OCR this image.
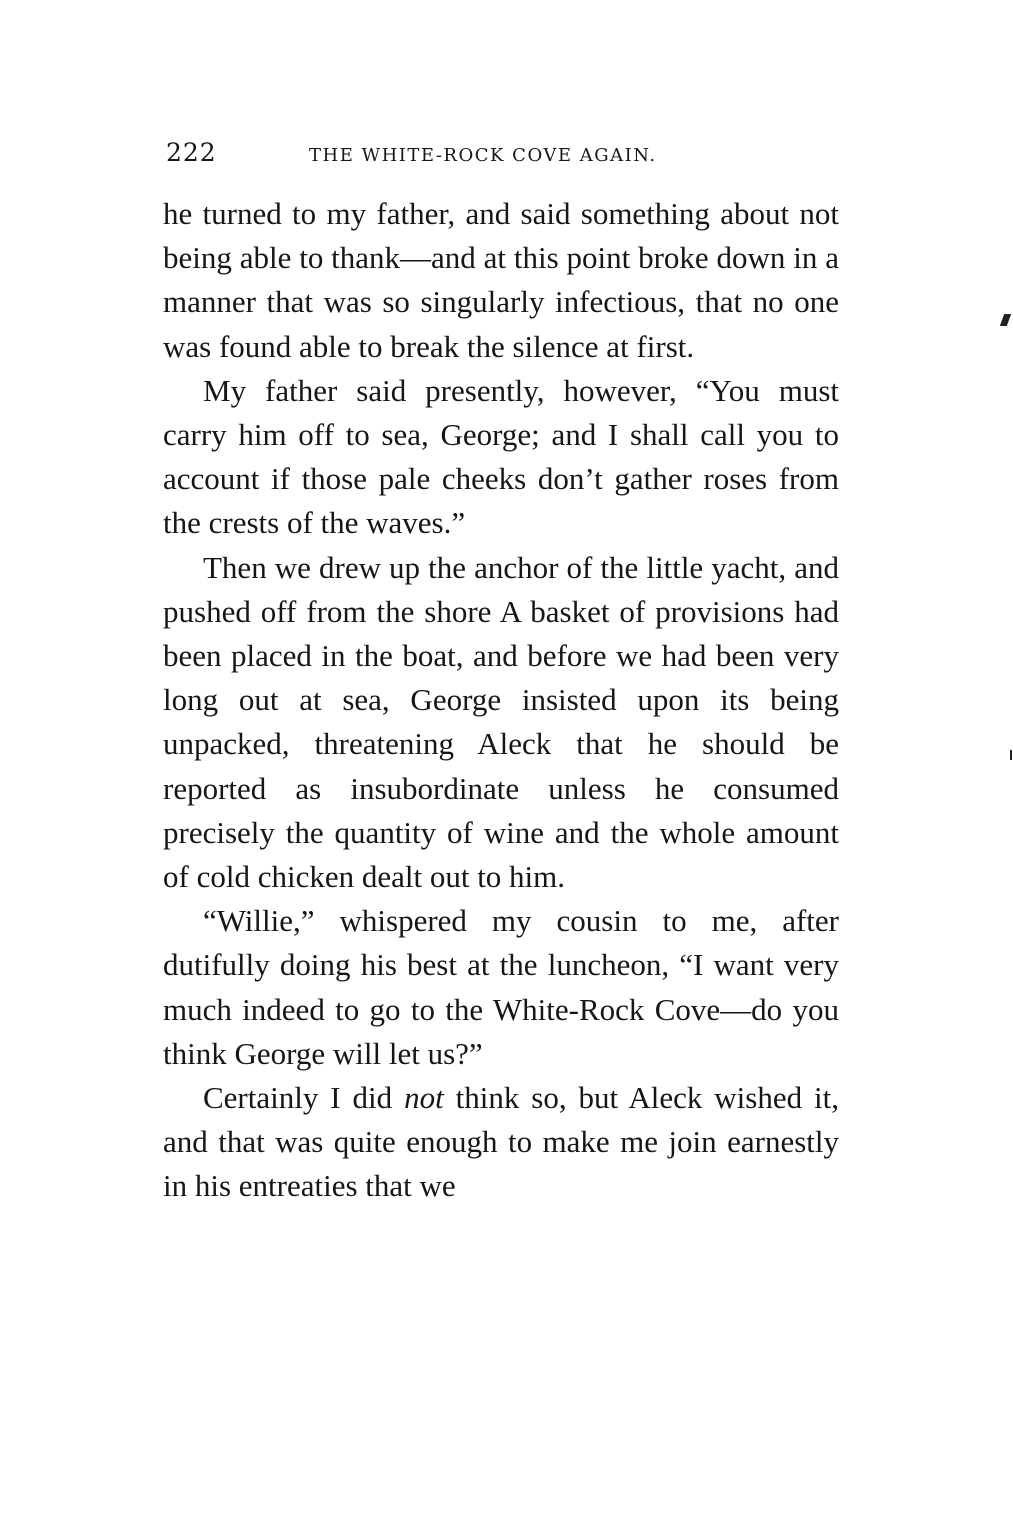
222	THE WHITE-ROCK COVE AGAIN.

he turned to my father, and said something about not being able to thank—and at this point broke down in a manner that was so singularly infectious, that no one was found able to break the silence at first.

My father said presently, however, “You must carry him off to sea, George; and I shall call you to account if those pale cheeks don’t gather roses from the crests of the waves.”

Then we drew up the anchor of the little yacht, and pushed off from the shore A basket of provisions had been placed in the boat, and before we had been very long out at sea, George insisted upon its being unpacked, threatening Aleck that he should be reported as insubordinate unless he consumed precisely the quantity of wine and the whole amount of cold chicken dealt out to him.

“Willie,” whispered my cousin to me, after dutifully doing his best at the luncheon, “I want very much indeed to go to the White-Rock Cove—do you think George will let us?”

Certainly I did not think so, but Aleck wished it, and that was quite enough to make me join earnestly in his entreaties that we
